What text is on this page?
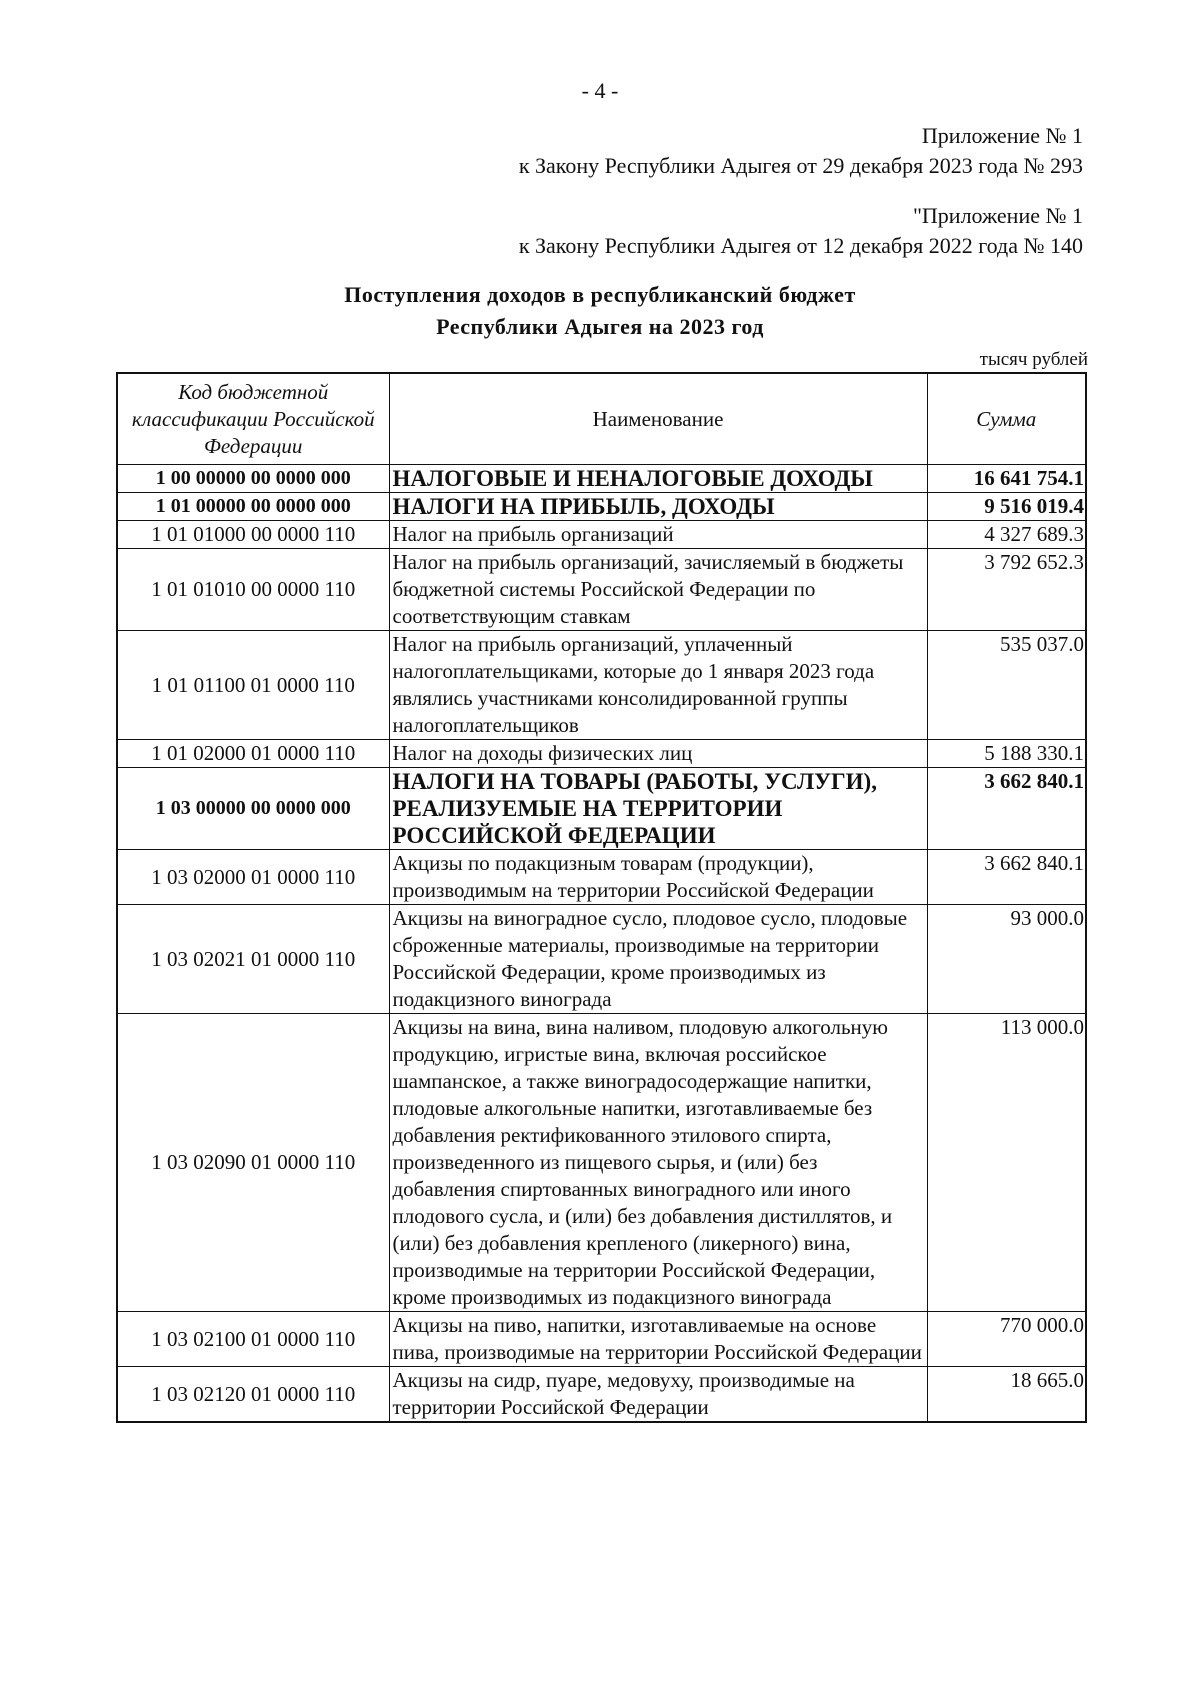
- 4 -
Приложение № 1
к Закону Республики Адыгея от 29 декабря 2023 года № 293
"Приложение № 1
к Закону Республики Адыгея от 12 декабря 2022 года № 140
Поступления доходов в республиканский бюджет
Республики Адыгея на 2023 год
тысяч рублей
Код бюджетной классификации Российской Федерации	Наименование	Сумма
1 00 00000 00 0000 000	НАЛОГОВЫЕ И НЕНАЛОГОВЫЕ ДОХОДЫ	16 641 754.1
1 01 00000 00 0000 000	НАЛОГИ НА ПРИБЫЛЬ, ДОХОДЫ	9 516 019.4
1 01 01000 00 0000 110	Налог на прибыль организаций	4 327 689.3
1 01 01010 00 0000 110	Налог на прибыль организаций, зачисляемый в бюджеты бюджетной системы Российской Федерации по соответствующим ставкам	3 792 652.3
1 01 01100 01 0000 110	Налог на прибыль организаций, уплаченный налогоплательщиками, которые до 1 января 2023 года являлись участниками консолидированной группы налогоплательщиков	535 037.0
1 01 02000 01 0000 110	Налог на доходы физических лиц	5 188 330.1
1 03 00000 00 0000 000	НАЛОГИ НА ТОВАРЫ (РАБОТЫ, УСЛУГИ), РЕАЛИЗУЕМЫЕ НА ТЕРРИТОРИИ РОССИЙСКОЙ ФЕДЕРАЦИИ	3 662 840.1
1 03 02000 01 0000 110	Акцизы по подакцизным товарам (продукции), производимым на территории Российской Федерации	3 662 840.1
1 03 02021 01 0000 110	Акцизы на виноградное сусло, плодовое сусло, плодовые сброженные материалы, производимые на территории Российской Федерации, кроме производимых из подакцизного винограда	93 000.0
1 03 02090 01 0000 110	Акцизы на вина, вина наливом, плодовую алкогольную продукцию, игристые вина, включая российское шампанское, а также виноградосодержащие напитки, плодовые алкогольные напитки, изготавливаемые без добавления ректификованного этилового спирта, произведенного из пищевого сырья, и (или) без добавления спиртованных виноградного или иного плодового сусла, и (или) без добавления дистиллятов, и (или) без добавления крепленого (ликерного) вина, производимые на территории Российской Федерации, кроме производимых из подакцизного винограда	113 000.0
1 03 02100 01 0000 110	Акцизы на пиво, напитки, изготавливаемые на основе пива, производимые на территории Российской Федерации	770 000.0
1 03 02120 01 0000 110	Акцизы на сидр, пуаре, медовуху, производимые на территории Российской Федерации	18 665.0
